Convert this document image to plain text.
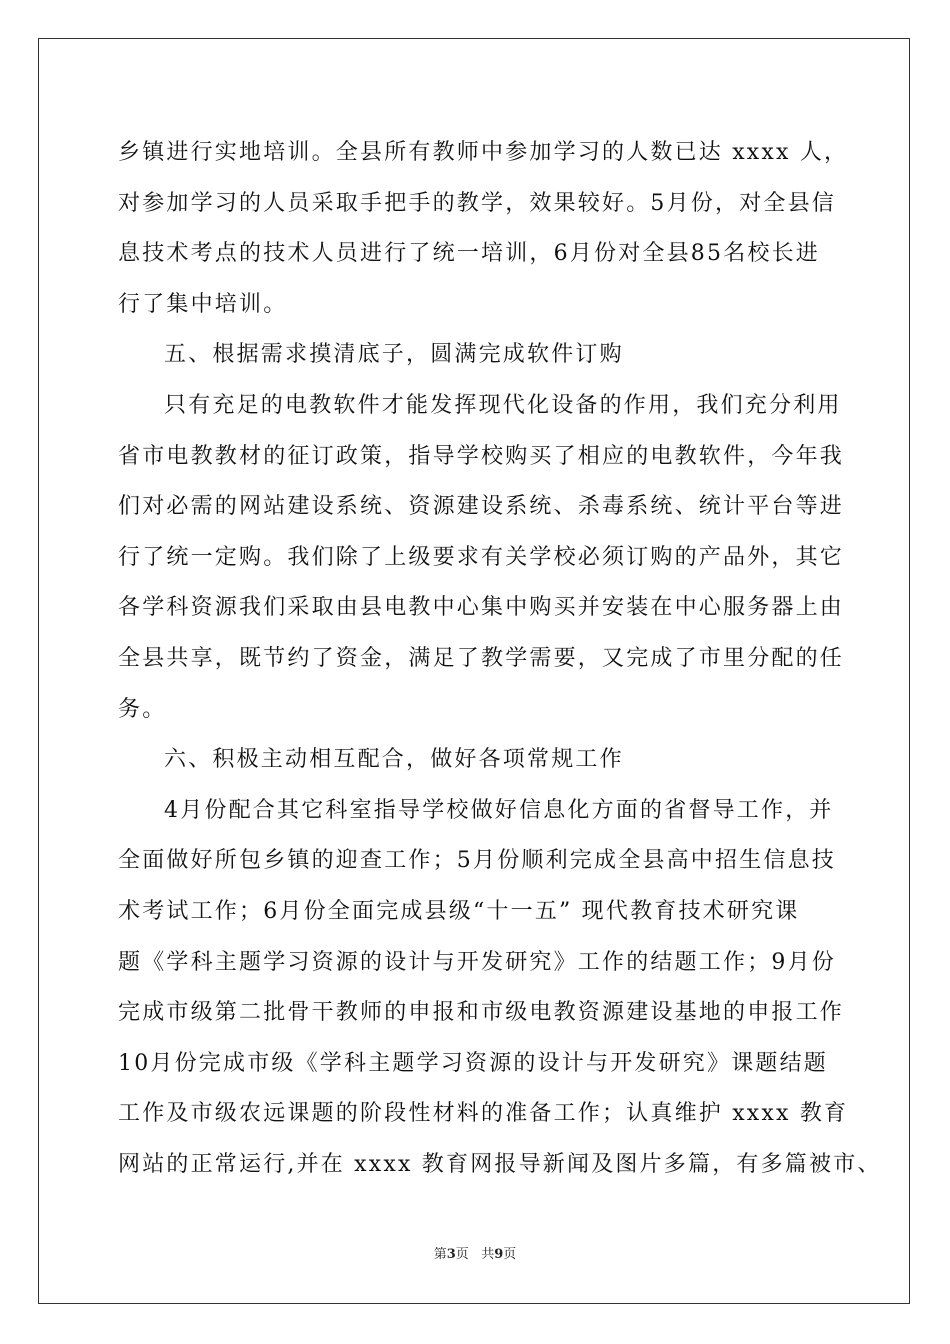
乡镇进行实地培训。全县所有教师中参加学习的人数已达 xxxx 人，
对参加学习的人员采取手把手的教学，效果较好。5月份，对全县信
息技术考点的技术人员进行了统一培训，6月份对全县85名校长进
行了集中培训。
五、根据需求摸清底子，圆满完成软件订购
只有充足的电教软件才能发挥现代化设备的作用，我们充分利用
省市电教教材的征订政策，指导学校购买了相应的电教软件，今年我
们对必需的网站建设系统、资源建设系统、杀毒系统、统计平台等进
行了统一定购。我们除了上级要求有关学校必须订购的产品外，其它
各学科资源我们采取由县电教中心集中购买并安装在中心服务器上由
全县共享，既节约了资金，满足了教学需要，又完成了市里分配的任
务。
六、积极主动相互配合，做好各项常规工作
4月份配合其它科室指导学校做好信息化方面的省督导工作，并
全面做好所包乡镇的迎查工作；5月份顺利完成全县高中招生信息技
术考试工作；6月份全面完成县级“十一五” 现代教育技术研究课
题《学科主题学习资源的设计与开发研究》工作的结题工作；9月份
完成市级第二批骨干教师的申报和市级电教资源建设基地的申报工作
10月份完成市级《学科主题学习资源的设计与开发研究》课题结题
工作及市级农远课题的阶段性材料的准备工作；认真维护 xxxx 教育
网站的正常运行,并在 xxxx 教育网报导新闻及图片多篇，有多篇被市、
第3页 共9页
